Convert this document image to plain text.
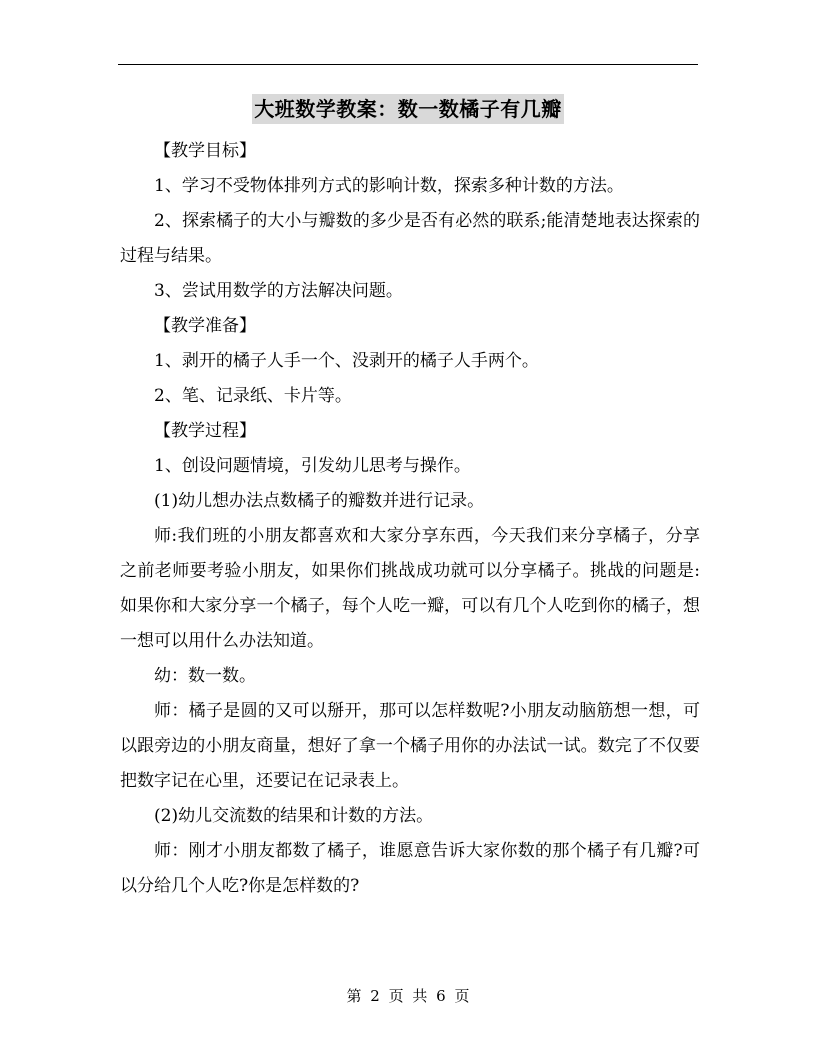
大班数学教案：数一数橘子有几瓣

【教学目标】

1、学习不受物体排列方式的影响计数，探索多种计数的方法。

2、探索橘子的大小与瓣数的多少是否有必然的联系;能清楚地表达探索的过程与结果。

3、尝试用数学的方法解决问题。

【教学准备】

1、剥开的橘子人手一个、没剥开的橘子人手两个。

2、笔、记录纸、卡片等。

【教学过程】

1、创设问题情境，引发幼儿思考与操作。

(1)幼儿想办法点数橘子的瓣数并进行记录。

师:我们班的小朋友都喜欢和大家分享东西，今天我们来分享橘子，分享之前老师要考验小朋友，如果你们挑战成功就可以分享橘子。挑战的问题是:如果你和大家分享一个橘子，每个人吃一瓣，可以有几个人吃到你的橘子，想一想可以用什么办法知道。

幼：数一数。

师：橘子是圆的又可以掰开，那可以怎样数呢?小朋友动脑筋想一想，可以跟旁边的小朋友商量，想好了拿一个橘子用你的办法试一试。数完了不仅要把数字记在心里，还要记在记录表上。

(2)幼儿交流数的结果和计数的方法。

师：刚才小朋友都数了橘子，谁愿意告诉大家你数的那个橘子有几瓣?可以分给几个人吃?你是怎样数的?

第 2 页 共 6 页
